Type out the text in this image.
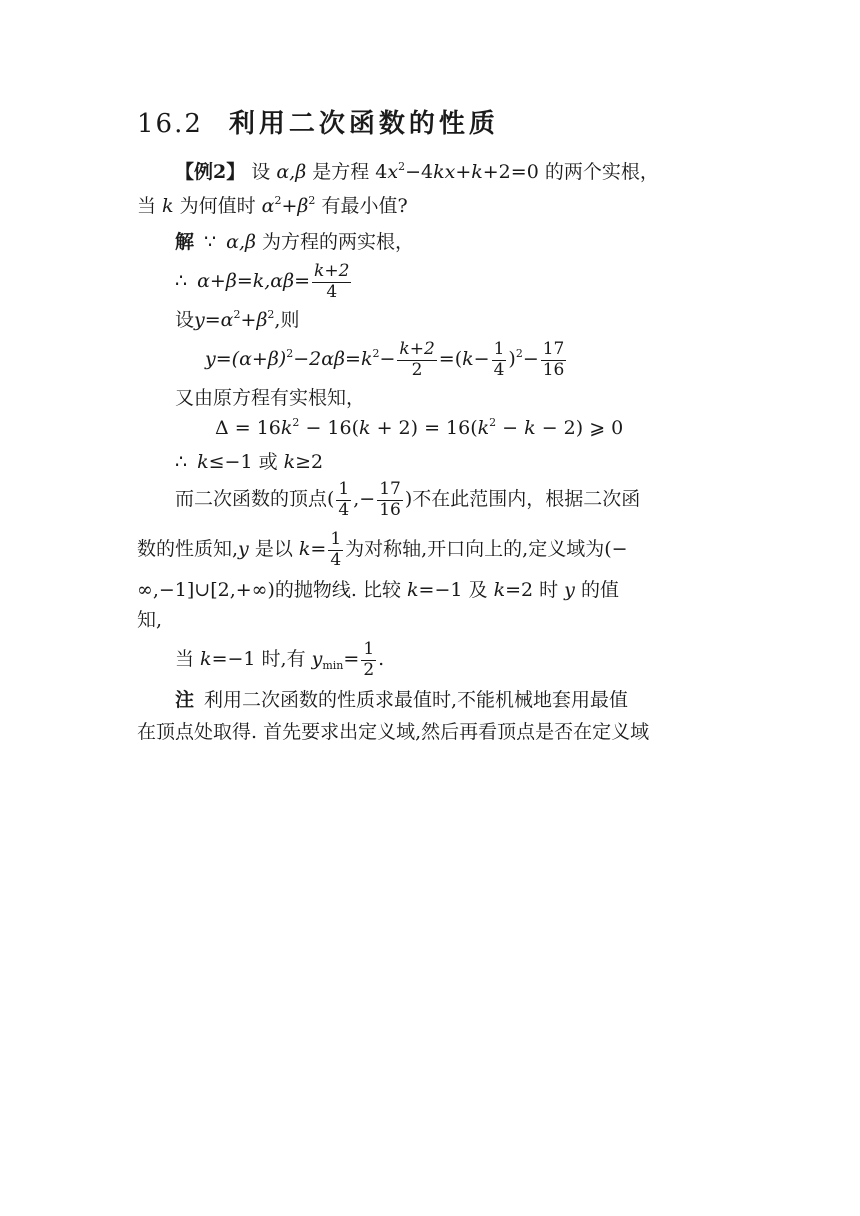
16.2 利用二次函数的性质
【例2】 设 α,β 是方程 $4x^2-4kx+k+2=0$ 的两个实根，
当 k 为何值时 $\alpha^2+\beta^2$ 有最小值?
解 ∵ α,β 为方程的两实根，
∴ $\alpha+\beta=k,\alpha\beta= \frac{k+2}{4}$
设$y=\alpha^2+\beta^2$,则
$y=(\alpha+\beta)^2-2\alpha\beta=k^2- \frac{k+2}{2} =(k- \frac{1}{4} )^2- \frac{17}{16}$
又由原方程有实根知，
$\Delta = 16k^2 - 16(k + 2) = 16(k^2 - k - 2)$ ⩾ 0
∴ k≤−1 或 k≥2
而二次函数的顶点( $\frac{1}{4}$ ,− $\frac{17}{16}$ )不在此范围内，根据二次函
数的性质知,y 是以 $k= \frac{1}{4}$ 为对称轴,开口向上的,定义域为(−
∞,−1]∪[2,+∞)的抛物线. 比较 k=−1 及 k=2 时 y 的值
知,
当 k=−1 时,有 $y_{min}= \frac{1}{2}$ .
注 利用二次函数的性质求最值时,不能机械地套用最值
在顶点处取得. 首先要求出定义域,然后再看顶点是否在定义域
